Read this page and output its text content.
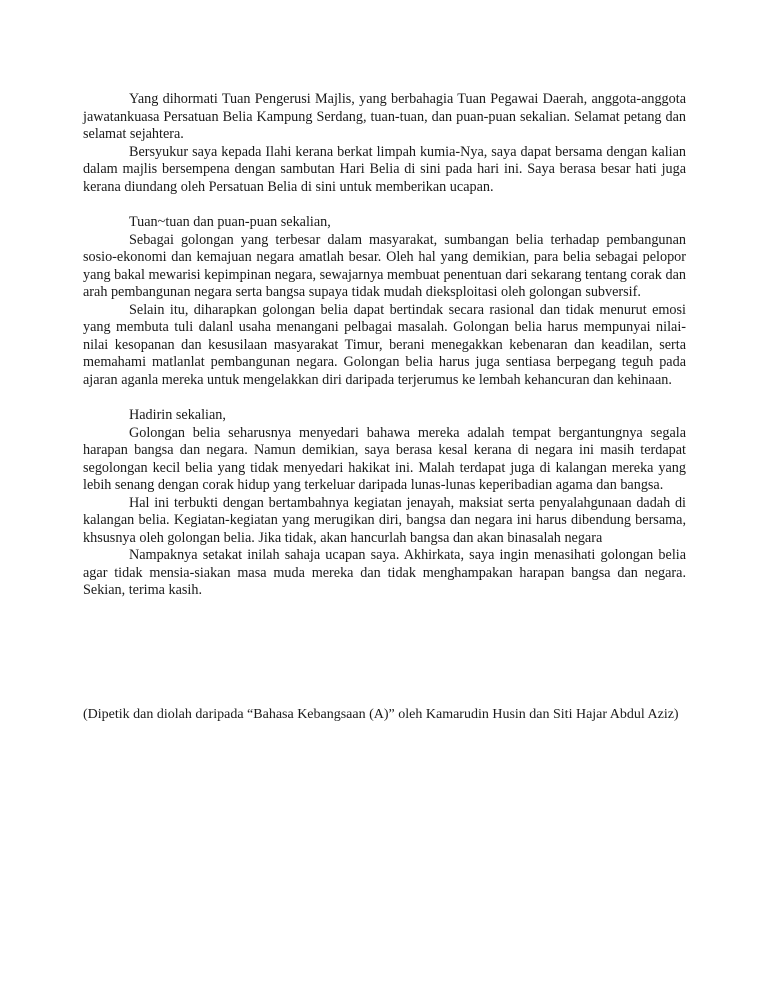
Yang dihormati Tuan Pengerusi Majlis, yang berbahagia Tuan Pegawai Daerah, anggota-anggota jawatankuasa Persatuan Belia Kampung Serdang, tuan-tuan, dan puan-puan sekalian. Selamat petang dan selamat sejahtera.

Bersyukur saya kepada Ilahi kerana berkat limpah kumia-Nya, saya dapat bersama dengan kalian dalam majlis bersempena dengan sambutan Hari Belia di sini pada hari ini. Saya berasa besar hati juga kerana diundang oleh Persatuan Belia di sini untuk memberikan ucapan.

Tuan~tuan dan puan-puan sekalian,

Sebagai golongan yang terbesar dalam masyarakat, sumbangan belia terhadap pembangunan sosio-ekonomi dan kemajuan negara amatlah besar. Oleh hal yang demikian, para belia sebagai pelopor yang bakal mewarisi kepimpinan negara, sewajarnya membuat penentuan dari sekarang tentang corak dan arah pembangunan negara serta bangsa supaya tidak mudah dieksploitasi oleh golongan subversif.

Selain itu, diharapkan golongan belia dapat bertindak secara rasional dan tidak menurut emosi yang membuta tuli dalanl usaha menangani pelbagai masalah. Golongan belia harus mempunyai nilai-nilai kesopanan dan kesusilaan masyarakat Timur, berani menegakkan kebenaran dan keadilan, serta memahami matlanlat pembangunan negara. Golongan belia harus juga sentiasa berpegang teguh pada ajaran aganla mereka untuk mengelakkan diri daripada terjerumus ke lembah kehancuran dan kehinaan.

Hadirin sekalian,

Golongan belia seharusnya menyedari bahawa mereka adalah tempat bergantungnya segala harapan bangsa dan negara. Namun demikian, saya berasa kesal kerana di negara ini masih terdapat segolongan kecil belia yang tidak menyedari hakikat ini. Malah terdapat juga di kalangan mereka yang lebih senang dengan corak hidup yang terkeluar daripada lunas-lunas keperibadian agama dan bangsa.

Hal ini terbukti dengan bertambahnya kegiatan jenayah, maksiat serta penyalahgunaan dadah di kalangan belia. Kegiatan-kegiatan yang merugikan diri, bangsa dan negara ini harus dibendung bersama, khsusnya oleh golongan belia. Jika tidak, akan hancurlah bangsa dan akan binasalah negara

Nampaknya setakat inilah sahaja ucapan saya. Akhirkata, saya ingin menasihati golongan belia agar tidak mensia-siakan masa muda mereka dan tidak menghampakan harapan bangsa dan negara. Sekian, terima kasih.

(Dipetik dan diolah daripada “Bahasa Kebangsaan (A)” oleh Kamarudin Husin dan Siti Hajar Abdul Aziz)
